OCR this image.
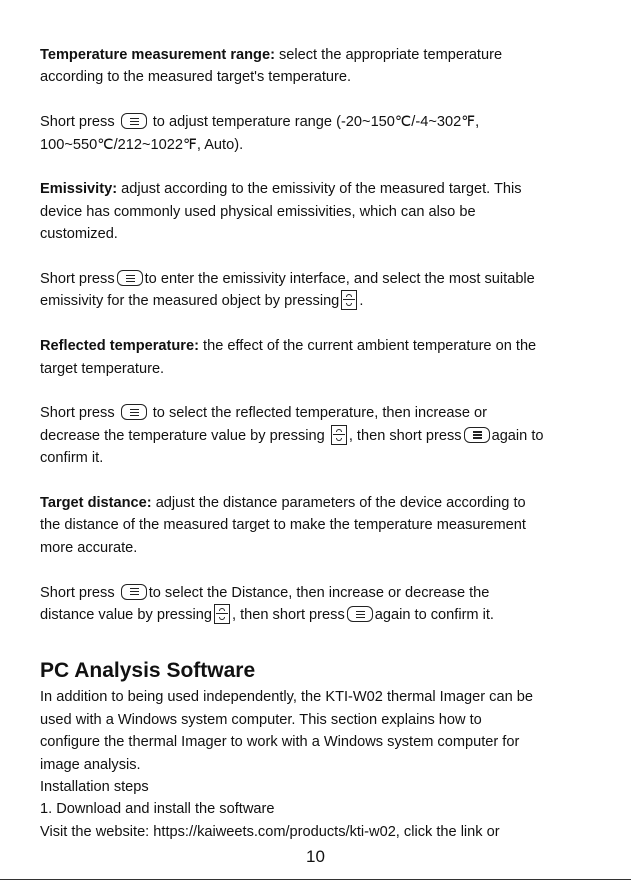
Temperature measurement range: select the appropriate temperature

according to the measured target's temperature.

Short press	to adjust temperature range (-20~150℃/-4~302℉,

100~550℃/212~1022℉, Auto).

Emissivity: adjust according to the emissivity of the measured target. This

device has commonly used physical emissivities, which can also be

customized.

Short press to enter the emissivity interface, and select the most suitable

emissivity for the measured object by pressing .

Reflected temperature: the effect of the current ambient temperature on the

target temperature.

Short press	to select the reflected temperature, then increase or

decrease the temperature value by pressing , then short press again to

confirm it.

Target distance: adjust the distance parameters of the device according to

the distance of the measured target to make the temperature measurement

more accurate.

Short press to select the Distance, then increase or decrease the

distance value by pressing , then short press again to confirm it.

PC Analysis Software

In addition to being used independently, the KTI-W02 thermal Imager can be

used with a Windows system computer. This section explains how to

configure the thermal Imager to work with a Windows system computer for

image analysis.

Installation steps

1. Download and install the software

Visit the website: https://kaiweets.com/products/kti-w02, click the link or

10
